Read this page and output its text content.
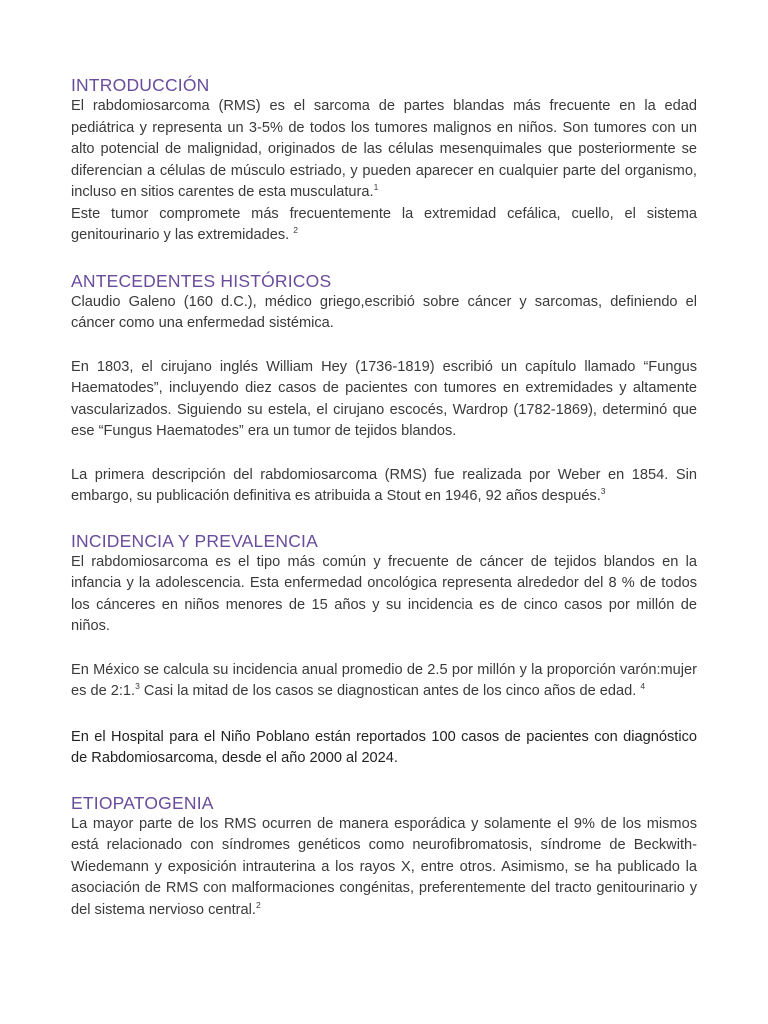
INTRODUCCIÓN

El rabdomiosarcoma (RMS) es el sarcoma de partes blandas más frecuente en la edad pediátrica y representa un 3-5% de todos los tumores malignos en niños. Son tumores con un alto potencial de malignidad, originados de las células mesenquimales que posteriormente se diferencian a células de músculo estriado, y pueden aparecer en cualquier parte del organismo, incluso en sitios carentes de esta musculatura.$^1$

Este tumor compromete más frecuentemente la extremidad cefálica, cuello, el sistema genitourinario y las extremidades. $^2$

ANTECEDENTES HISTÓRICOS

Claudio Galeno (160 d.C.), médico griego,escribió sobre cáncer y sarcomas, definiendo el cáncer como una enfermedad sistémica.

En 1803, el cirujano inglés William Hey (1736-1819) escribió un capítulo llamado “Fungus Haematodes”, incluyendo diez casos de pacientes con tumores en extremidades y altamente vascularizados. Siguiendo su estela, el cirujano escocés, Wardrop (1782-1869), determinó que ese “Fungus Haematodes” era un tumor de tejidos blandos.

La primera descripción del rabdomiosarcoma (RMS) fue realizada por Weber en 1854. Sin embargo, su publicación definitiva es atribuida a Stout en 1946, 92 años después.$^3$

INCIDENCIA Y PREVALENCIA

El rabdomiosarcoma es el tipo más común y frecuente de cáncer de tejidos blandos en la infancia y la adolescencia. Esta enfermedad oncológica representa alrededor del 8 % de todos los cánceres en niños menores de 15 años y su incidencia es de cinco casos por millón de niños.

En México se calcula su incidencia anual promedio de 2.5 por millón y la proporción varón:mujer es de 2:1.$^3$ Casi la mitad de los casos se diagnostican antes de los cinco años de edad. $^4$

En el Hospital para el Niño Poblano están reportados 100 casos de pacientes con diagnóstico de Rabdomiosarcoma, desde el año 2000 al 2024.

ETIOPATOGENIA

La mayor parte de los RMS ocurren de manera esporádica y solamente el 9% de los mismos está relacionado con síndromes genéticos como neurofibromatosis, síndrome de Beckwith-Wiedemann y exposición intrauterina a los rayos X, entre otros. Asimismo, se ha publicado la asociación de RMS con malformaciones congénitas, preferentemente del tracto genitourinario y del sistema nervioso central.$^2$
